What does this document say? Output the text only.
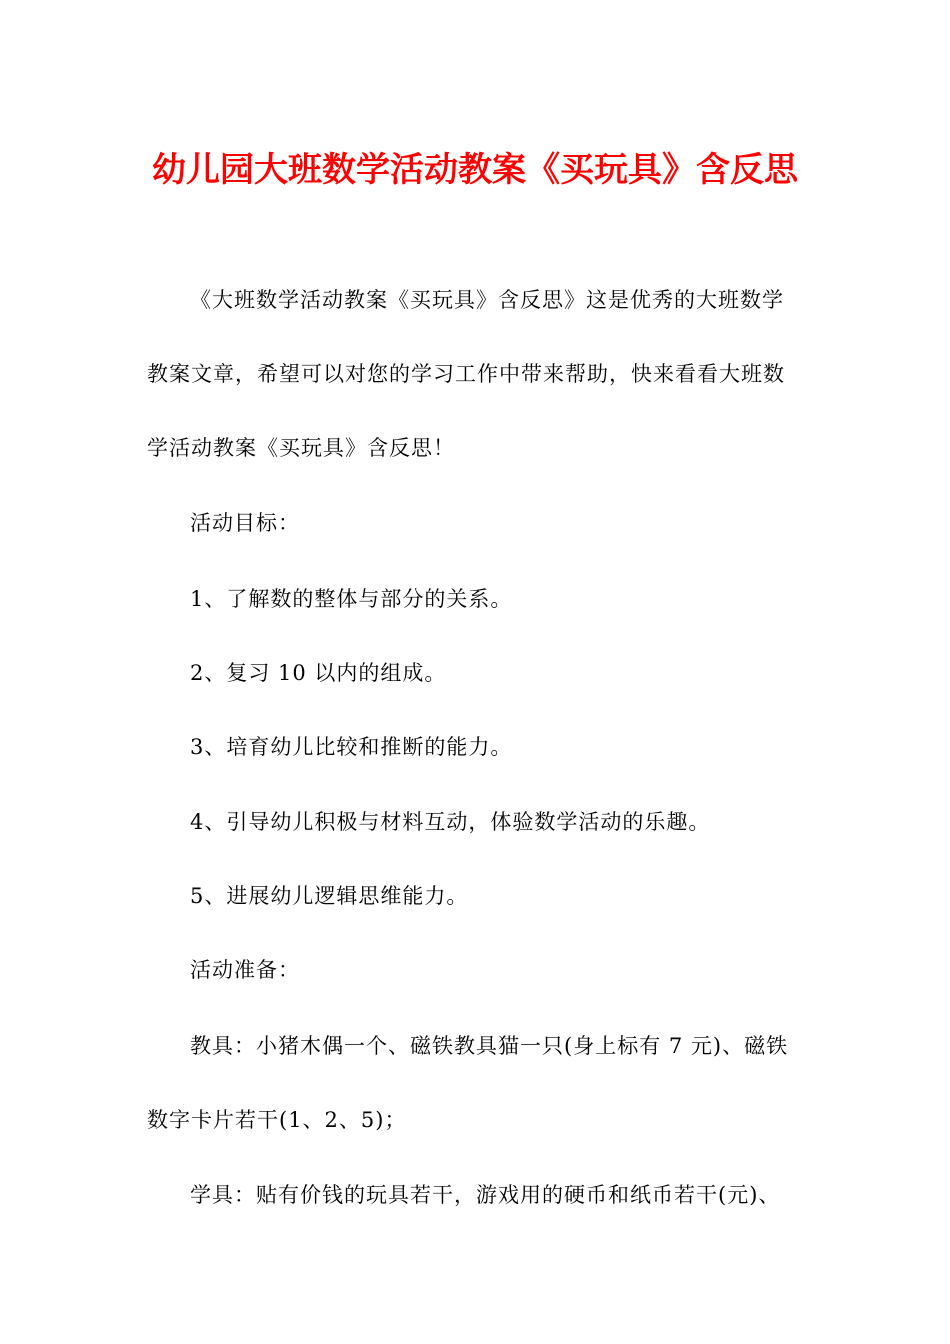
幼儿园大班数学活动教案《买玩具》含反思
《大班数学活动教案《买玩具》含反思》这是优秀的大班数学
教案文章，希望可以对您的学习工作中带来帮助，快来看看大班数
学活动教案《买玩具》含反思！
活动目标：
1、了解数的整体与部分的关系。
2、复习 10 以内的组成。
3、培育幼儿比较和推断的能力。
4、引导幼儿积极与材料互动，体验数学活动的乐趣。
5、进展幼儿逻辑思维能力。
活动准备：
教具：小猪木偶一个、磁铁教具猫一只(身上标有 7 元)、磁铁
数字卡片若干(1、2、5)；
学具：贴有价钱的玩具若干，游戏用的硬币和纸币若干(元)、
